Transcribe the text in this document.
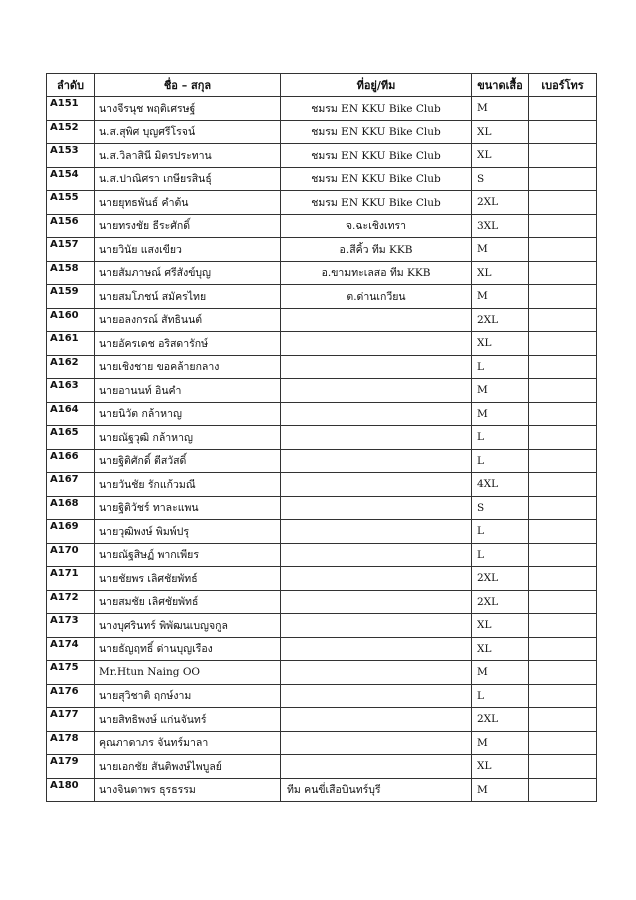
ลำดับ	ชื่อ – สกุล	ที่อยู่/ทีม	ขนาดเสื้อ	เบอร์โทร
A151	นางจีรนุช พฤติเศรษฐ์	ชมรม EN KKU Bike Club	M	
A152	น.ส.สุพิศ บุญศรีโรจน์	ชมรม EN KKU Bike Club	XL	
A153	น.ส.วิลาสินี มิตรประทาน	ชมรม EN KKU Bike Club	XL	
A154	น.ส.ปาณิศรา เกษียรสินธุ์	ชมรม EN KKU Bike Club	S	
A155	นายยุทธพันธ์ คำต้น	ชมรม EN KKU Bike Club	2XL	
A156	นายทรงชัย ธีระศักดิ์	จ.ฉะเชิงเทรา	3XL	
A157	นายวินัย แสงเขียว	อ.สีคิ้ว ทีม KKB	M	
A158	นายสัมภาษณ์ ศรีสังข์บุญ	อ.ขามทะเลสอ ทีม KKB	XL	
A159	นายสมโภชน์ สมัครไทย	ต.ด่านเกวียน	M	
A160	นายอลงกรณ์ สัทธินนต์		2XL	
A161	นายอัครเดช อริสดารักษ์		XL	
A162	นายเชิงชาย ขอคล้ายกลาง		L	
A163	นายอานนท์ อินคำ		M	
A164	นายนิวัต กล้าหาญ		M	
A165	นายณัฐวุฒิ กล้าหาญ		L	
A166	นายฐิติศักดิ์ ตีสวัสดิ์		L	
A167	นายวันชัย รักแก้วมณี		4XL	
A168	นายฐิติวัชร์ ทาละแพน		S	
A169	นายวุฒิพงษ์ พิมพ์ปรุ		L	
A170	นายณัฐสิษฏ์ พากเพียร		L	
A171	นายชัยพร เลิศชัยพัทธ์		2XL	
A172	นายสมชัย เลิศชัยพัทธ์		2XL	
A173	นางบุศรินทร์ พิพัฒนเบญจกูล		XL	
A174	นายธัญฤทธิ์ ด่านบุญเรือง		XL	
A175	Mr.Htun Naing OO		M	
A176	นายสุวิชาติ ฤกษ์งาม		L	
A177	นายสิทธิพงษ์ แก่นจันทร์		2XL	
A178	คุณภาดาภร จันทร์มาลา		M	
A179	นายเอกชัย สันติพงษ์ไพบูลย์		XL	
A180	นางจินดาพร ธุรธรรม	ทีม คนขี่เสือบินทร์บุรี	M	
